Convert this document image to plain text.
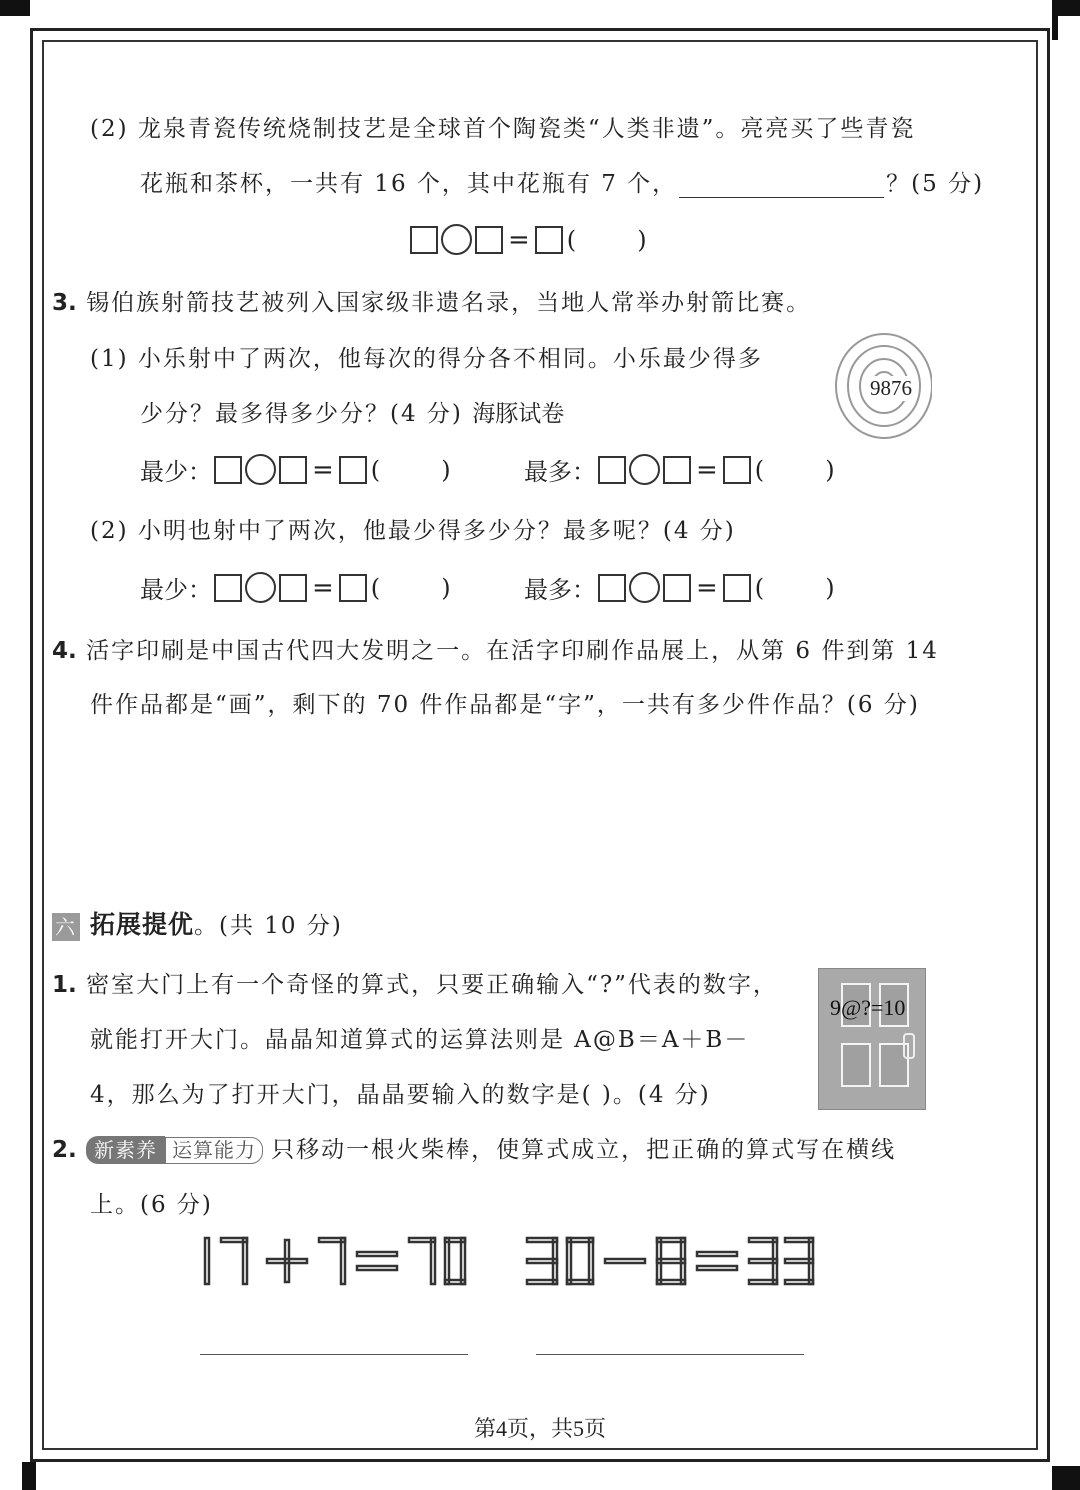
(2) 龙泉青瓷传统烧制技艺是全球首个陶瓷类“人类非遗”。亮亮买了些青瓷
花瓶和茶杯，一共有 16 个，其中花瓶有 7 个，	？(5 分)
= (        )
3. 锡伯族射箭技艺被列入国家级非遗名录，当地人常举办射箭比赛。
(1) 小乐射中了两次，他每次的得分各不相同。小乐最少得多
少分？最多得多少分？(4 分) 海豚试卷
9876
最少：	= (        )	最多：	= (        )
(2) 小明也射中了两次，他最少得多少分？最多呢？(4 分)
最少：	= (        )	最多：	= (        )
4. 活字印刷是中国古代四大发明之一。在活字印刷作品展上，从第 6 件到第 14
件作品都是“画”，剩下的 70 件作品都是“字”，一共有多少件作品？(6 分)
六 拓展提优。(共 10 分)
1. 密室大门上有一个奇怪的算式，只要正确输入“?”代表的数字，
就能打开大门。晶晶知道算式的运算法则是 A@B＝A＋B－
4，那么为了打开大门，晶晶要输入的数字是( )。(4 分)
9@?=10
2. 新素养 运算能力 只移动一根火柴棒，使算式成立，把正确的算式写在横线
上。(6 分)
第4页，共5页
